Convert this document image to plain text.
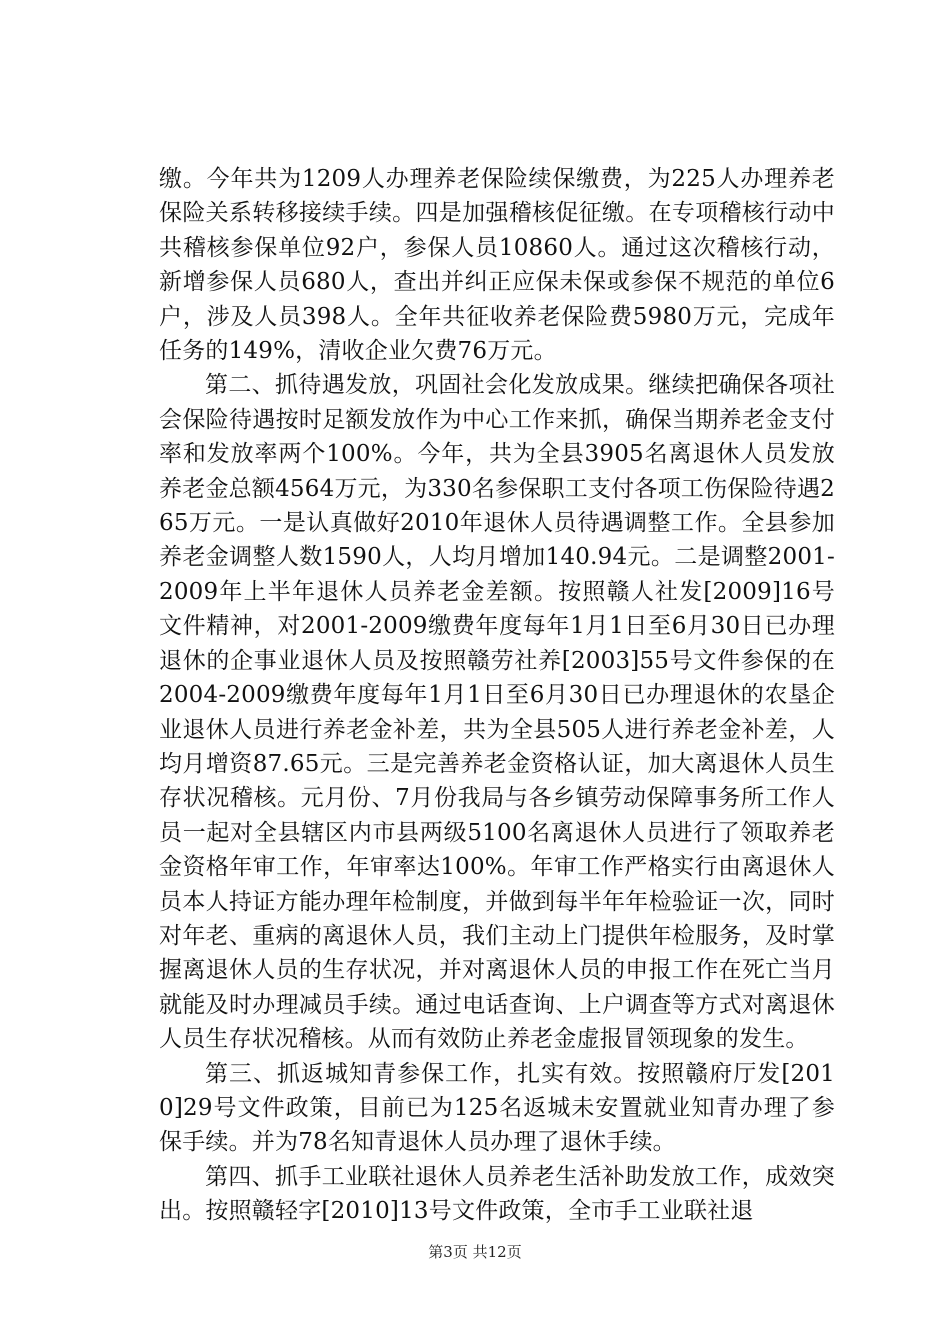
缴。今年共为1209人办理养老保险续保缴费，为225人办理养老保险关系转移接续手续。四是加强稽核促征缴。在专项稽核行动中共稽核参保单位92户，参保人员10860人。通过这次稽核行动，新增参保人员680人，查出并纠正应保未保或参保不规范的单位6户，涉及人员398人。全年共征收养老保险费5980万元，完成年任务的149%，清收企业欠费76万元。

第二、抓待遇发放，巩固社会化发放成果。继续把确保各项社会保险待遇按时足额发放作为中心工作来抓，确保当期养老金支付率和发放率两个100%。今年，共为全县3905名离退休人员发放养老金总额4564万元，为330名参保职工支付各项工伤保险待遇265万元。一是认真做好2010年退休人员待遇调整工作。全县参加养老金调整人数1590人，人均月增加140.94元。二是调整2001-2009年上半年退休人员养老金差额。按照赣人社发[2009]16号文件精神，对2001-2009缴费年度每年1月1日至6月30日已办理退休的企事业退休人员及按照赣劳社养[2003]55号文件参保的在2004-2009缴费年度每年1月1日至6月30日已办理退休的农垦企业退休人员进行养老金补差，共为全县505人进行养老金补差，人均月增资87.65元。三是完善养老金资格认证，加大离退休人员生存状况稽核。元月份、7月份我局与各乡镇劳动保障事务所工作人员一起对全县辖区内市县两级5100名离退休人员进行了领取养老金资格年审工作，年审率达100%。年审工作严格实行由离退休人员本人持证方能办理年检制度，并做到每半年年检验证一次，同时对年老、重病的离退休人员，我们主动上门提供年检服务，及时掌握离退休人员的生存状况，并对离退休人员的申报工作在死亡当月就能及时办理减员手续。通过电话查询、上户调查等方式对离退休人员生存状况稽核。从而有效防止养老金虚报冒领现象的发生。

第三、抓返城知青参保工作，扎实有效。按照赣府厅发[2010]29号文件政策，目前已为125名返城未安置就业知青办理了参保手续。并为78名知青退休人员办理了退休手续。

第四、抓手工业联社退休人员养老生活补助发放工作，成效突出。按照赣轻字[2010]13号文件政策，全市手工业联社退

第3页 共12页
